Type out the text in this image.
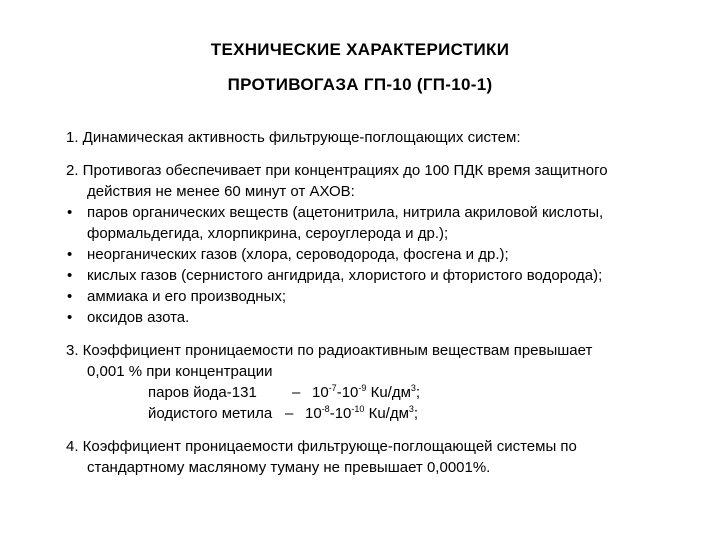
ТЕХНИЧЕСКИЕ ХАРАКТЕРИСТИКИ
ПРОТИВОГАЗА ГП-10 (ГП-10-1)

1. Динамическая активность фильтрующе-поглощающих систем:

2. Противогаз обеспечивает при концентрациях до 100 ПДК время защитного

действия не менее 60 минут от АХОВ:

• паров органических веществ (ацетонитрила, нитрила акриловой кислоты,
формальдегида, хлорпикрина, сероуглерода и др.);
• неорганических газов (хлора, сероводорода, фосгена и др.);
• кислых газов (сернистого ангидрида, хлористого и фтористого водорода);
• аммиака и его производных;
• оксидов азота.

3. Коэффициент проницаемости по радиоактивным веществам превышает

0,001 % при концентрации

паров йода-131 – $10^{-7}-10^{-9}$ $Кu/дм^3$;
йодистого метила – $10^{-8}-10^{-10}$ $Кu/дм^3$;

4. Коэффициент проницаемости фильтрующе-поглощающей системы по

стандартному масляному туману не превышает 0,0001%.
